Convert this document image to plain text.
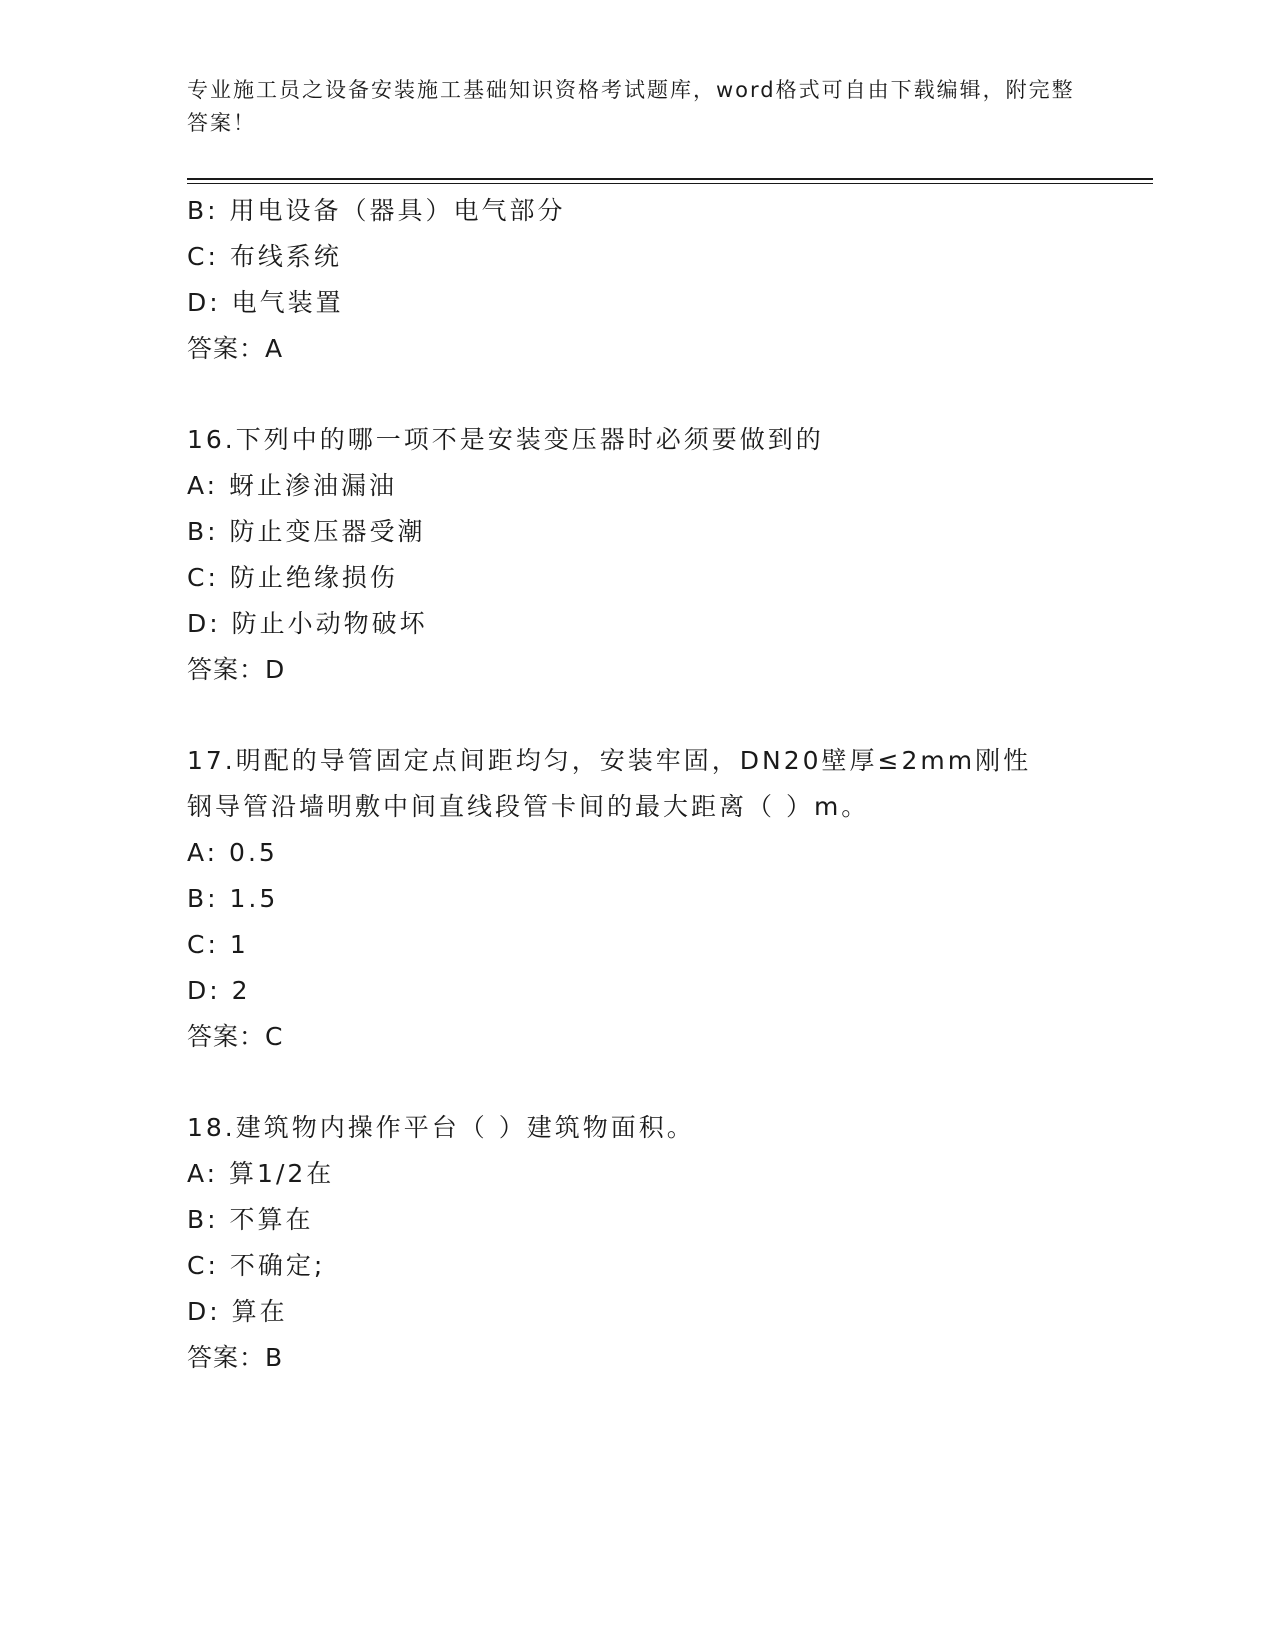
专业施工员之设备安装施工基础知识资格考试题库，word格式可自由下载编辑，附完整答案！
B: 用电设备（器具）电气部分
C: 布线系统
D: 电气装置
答案：A
16.下列中的哪一项不是安装变压器时必须要做到的
A: 蚜止渗油漏油
B: 防止变压器受潮
C: 防止绝缘损伤
D: 防止小动物破坏
答案：D
17.明配的导管固定点间距均匀，安装牢固，DN20壁厚≤2mm刚性钢导管沿墙明敷中间直线段管卡间的最大距离（ ）m。
A: 0.5
B: 1.5
C: 1
D: 2
答案：C
18.建筑物内操作平台（ ）建筑物面积。
A: 算1/2在
B: 不算在
C: 不确定;
D: 算在
答案：B
